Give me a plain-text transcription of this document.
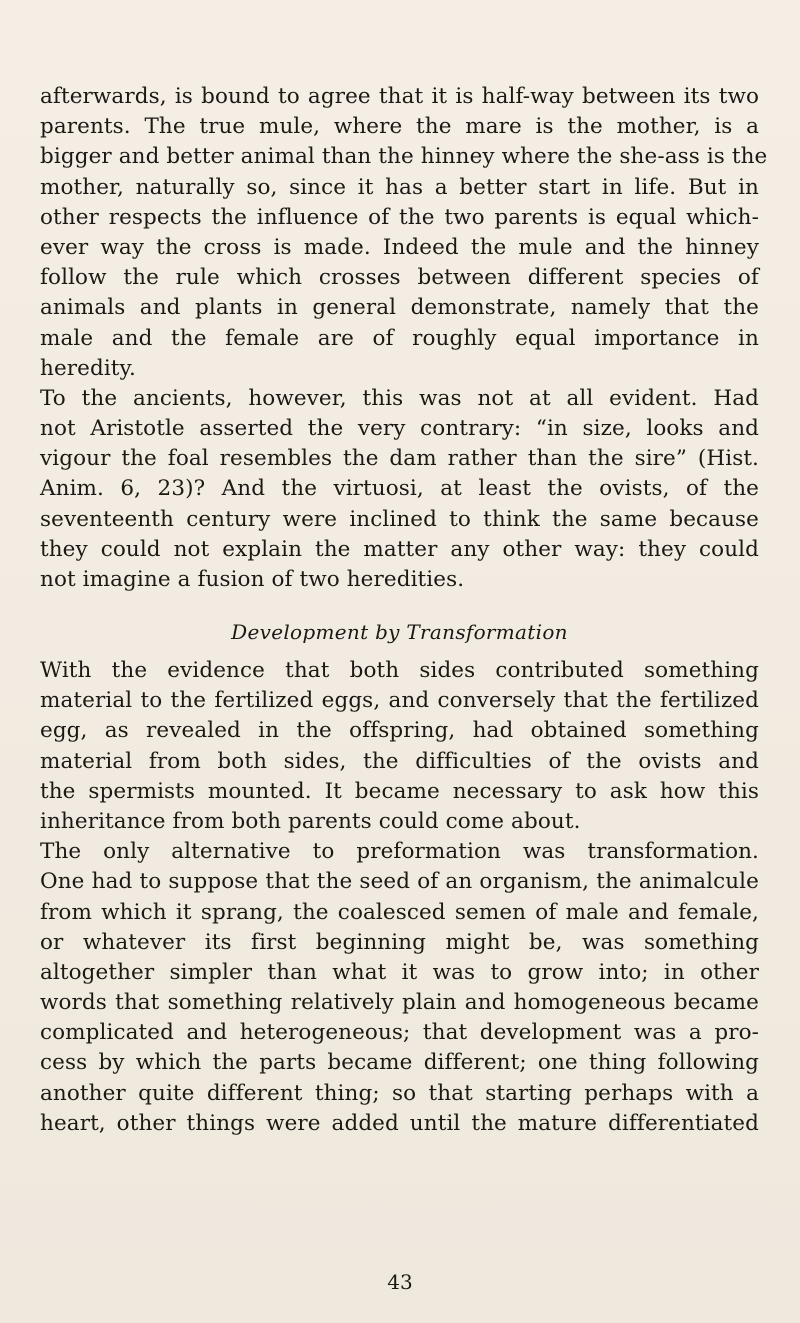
afterwards, is bound to agree that it is half-way between its two
parents. The true mule, where the mare is the mother, is a
bigger and better animal than the hinney where the she-ass is the
mother, naturally so, since it has a better start in life. But in
other respects the influence of the two parents is equal which-
ever way the cross is made. Indeed the mule and the hinney
follow the rule which crosses between different species of
animals and plants in general demonstrate, namely that the
male and the female are of roughly equal importance in
heredity.
To the ancients, however, this was not at all evident. Had
not Aristotle asserted the very contrary: “in size, looks and
vigour the foal resembles the dam rather than the sire” (Hist.
Anim. 6, 23)? And the virtuosi, at least the ovists, of the
seventeenth century were inclined to think the same because
they could not explain the matter any other way: they could
not imagine a fusion of two heredities.
Development by Transformation
With the evidence that both sides contributed something
material to the fertilized eggs, and conversely that the fertilized
egg, as revealed in the offspring, had obtained something
material from both sides, the difficulties of the ovists and
the spermists mounted. It became necessary to ask how this
inheritance from both parents could come about.
The only alternative to preformation was transformation.
One had to suppose that the seed of an organism, the animalcule
from which it sprang, the coalesced semen of male and female,
or whatever its first beginning might be, was something
altogether simpler than what it was to grow into; in other
words that something relatively plain and homogeneous became
complicated and heterogeneous; that development was a pro-
cess by which the parts became different; one thing following
another quite different thing; so that starting perhaps with a
heart, other things were added until the mature differentiated
43
